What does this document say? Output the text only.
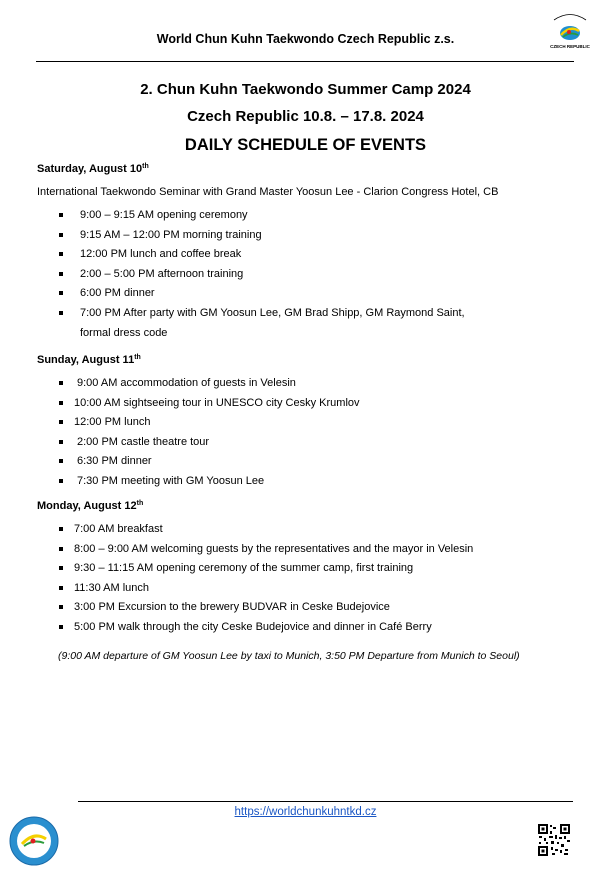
World Chun Kuhn Taekwondo Czech Republic z.s.
CZECH REPUBLIC
2. Chun Kuhn Taekwondo Summer Camp 2024
Czech Republic 10.8. – 17.8. 2024
DAILY SCHEDULE OF EVENTS
Saturday, August 10th
International Taekwondo Seminar with Grand Master Yoosun Lee - Clarion Congress Hotel, CB
9:00 – 9:15 AM opening ceremony
9:15 AM – 12:00 PM morning training
12:00 PM lunch and coffee break
2:00 – 5:00 PM afternoon training
6:00 PM dinner
7:00 PM After party with GM Yoosun Lee, GM Brad Shipp, GM Raymond Saint,
formal dress code
Sunday, August 11th
9:00 AM accommodation of guests in Velesin
10:00 AM sightseeing tour in UNESCO city Cesky Krumlov
12:00 PM lunch
2:00 PM castle theatre tour
6:30 PM dinner
7:30 PM meeting with GM Yoosun Lee
Monday, August 12th
7:00 AM breakfast
8:00 – 9:00 AM welcoming guests by the representatives and the mayor in Velesin
9:30 – 11:15 AM opening ceremony of the summer camp, first training
11:30 AM lunch
3:00 PM Excursion to the brewery BUDVAR in Ceske Budejovice
5:00 PM walk through the city Ceske Budejovice and dinner in Café Berry
(9:00 AM departure of GM Yoosun Lee by taxi to Munich, 3:50 PM Departure from Munich to Seoul)
https://worldchunkuhntkd.cz
